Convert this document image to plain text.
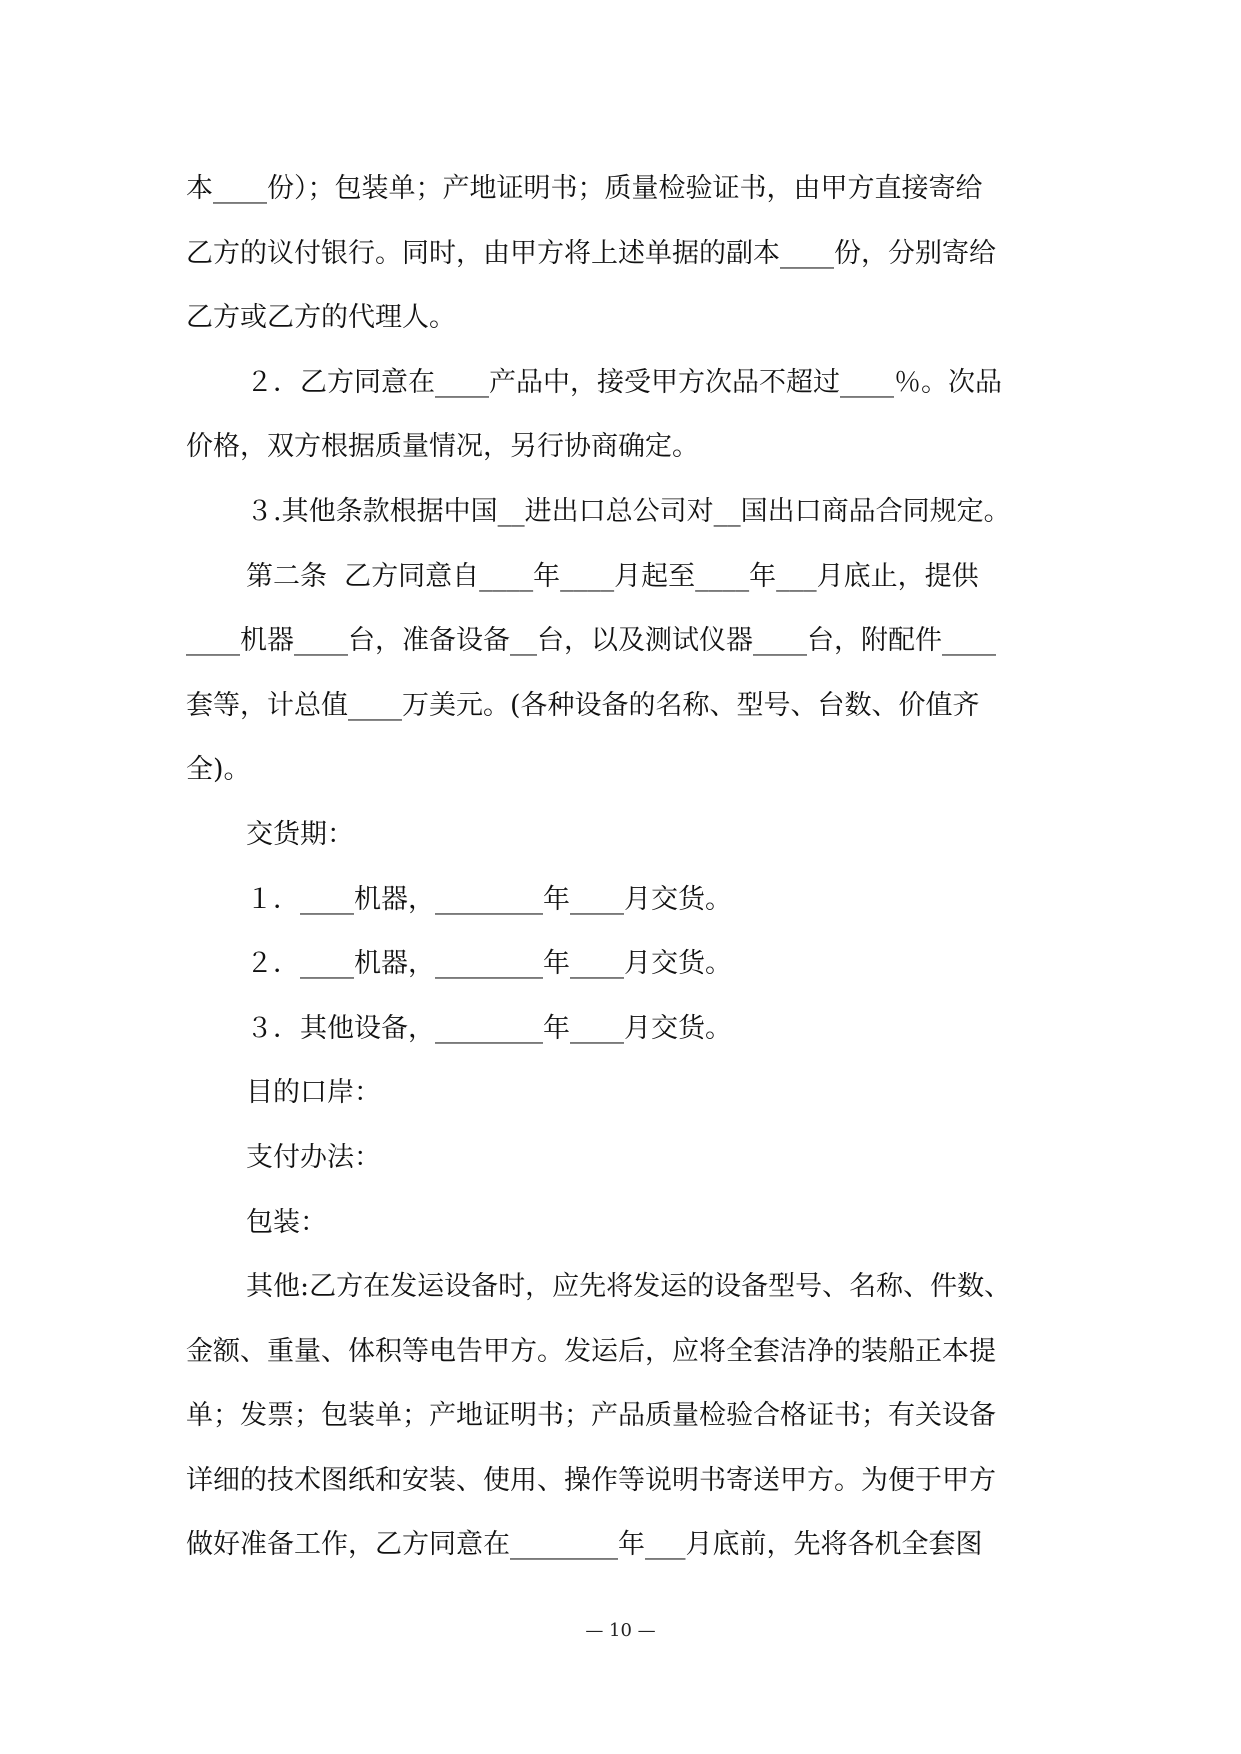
本____份）；包装单；产地证明书；质量检验证书，由甲方直接寄给
乙方的议付银行。同时，由甲方将上述单据的副本____份，分别寄给
乙方或乙方的代理人。
２．乙方同意在____产品中，接受甲方次品不超过____％。次品
价格，双方根据质量情况，另行协商确定。
３.其他条款根据中国__进出口总公司对__国出口商品合同规定。
第二条  乙方同意自____年____月起至____年___月底止，提供
____机器____台，准备设备__台，以及测试仪器____台，附配件____
套等，计总值____万美元。(各种设备的名称、型号、台数、价值齐
全)。
交货期：
１．____机器，________年____月交货。
２．____机器，________年____月交货。
３．其他设备，________年____月交货。
目的口岸：
支付办法：
包装：
其他:乙方在发运设备时，应先将发运的设备型号、名称、件数、
金额、重量、体积等电告甲方。发运后，应将全套洁净的装船正本提
单；发票；包装单；产地证明书；产品质量检验合格证书；有关设备
详细的技术图纸和安装、使用、操作等说明书寄送甲方。为便于甲方
做好准备工作，乙方同意在________年___月底前，先将各机全套图
— 10 —
